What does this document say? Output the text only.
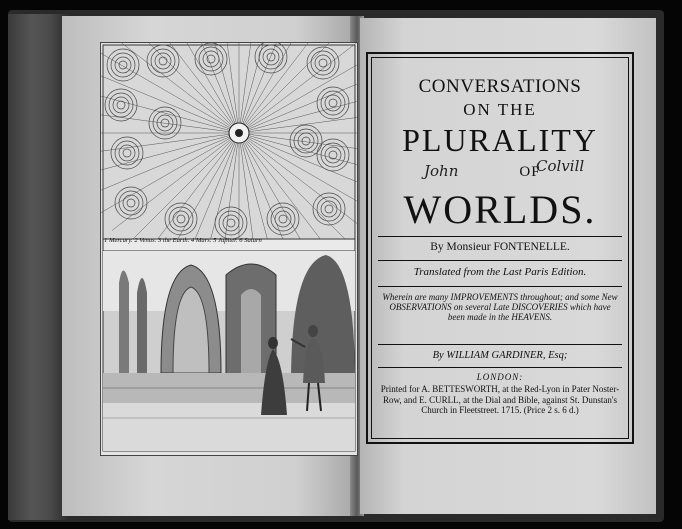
1 Mercury. 2 Venus. 3 the Earth. 4 Mars. 5 Jupiter. 6 Saturn
CONVERSATIONS
ON THE
PLURALITY
John	OF
Colvill
WORLDS.
By Monsieur FONTENELLE.
Translated from the Last Paris Edition.
Wherein are many IMPROVEMENTS throughout; and some New OBSERVATIONS on several Late DISCOVERIES which have been made in the HEAVENS.
By WILLIAM GARDINER, Esq;
LONDON:
Printed for A. BETTESWORTH, at the Red-Lyon in Pater Noster-Row, and E. CURLL, at the Dial and Bible, against St. Dunstan's Church in Fleetstreet. 1715. (Price 2 s. 6 d.)
